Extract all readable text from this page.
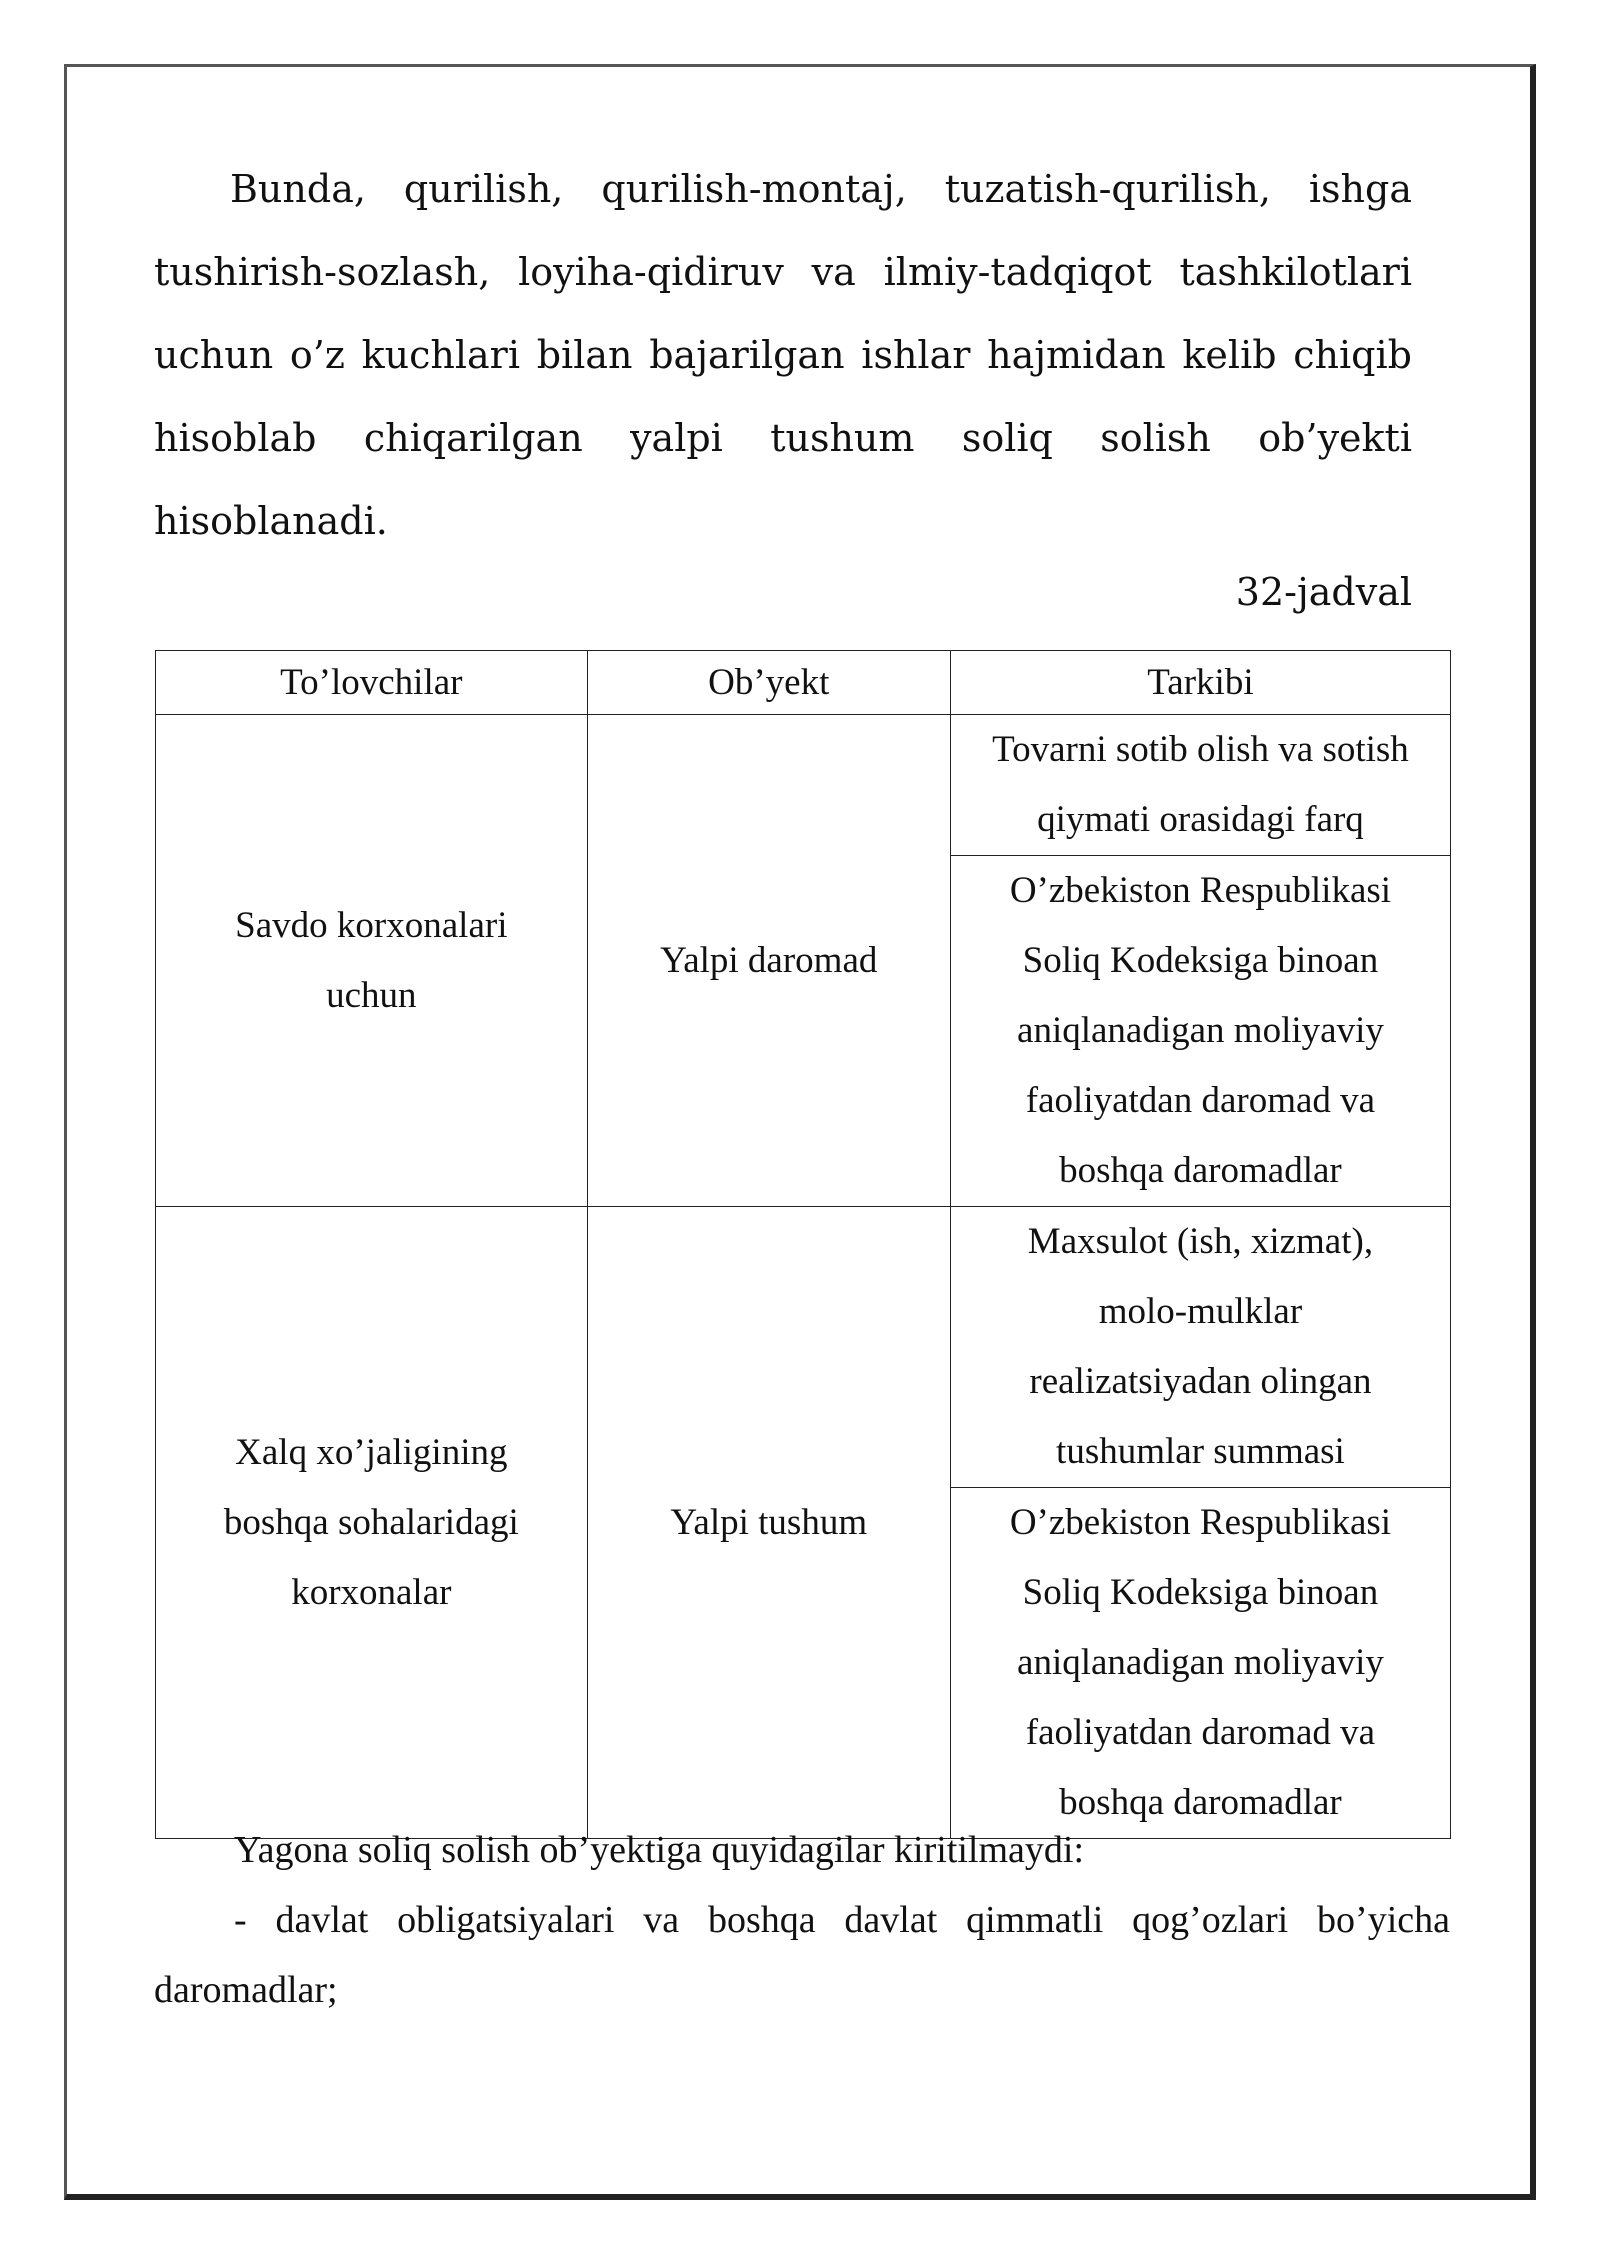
Bunda, qurilish, qurilish-montaj, tuzatish-qurilish, ishga tushirish-sozlash, loyiha-qidiruv va ilmiy-tadqiqot tashkilotlari uchun o’z kuchlari bilan bajarilgan ishlar hajmidan kelib chiqib hisoblab chiqarilgan yalpi tushum soliq solish ob’yekti hisoblanadi.

32-jadval

To’lovchilar	Ob’yekt	Tarkibi
Savdo korxonalari uchun	Yalpi daromad	Tovarni sotib olish va sotish qiymati orasidagi farq
		O’zbekiston Respublikasi Soliq Kodeksiga binoan aniqlanadigan moliyaviy faoliyatdan daromad va boshqa daromadlar
Xalq xo’jaligining boshqa sohalaridagi korxonalar	Yalpi tushum	Maxsulot (ish, xizmat), molo-mulklar realizatsiyadan olingan tushumlar summasi
		O’zbekiston Respublikasi Soliq Kodeksiga binoan aniqlanadigan moliyaviy faoliyatdan daromad va boshqa daromadlar

Yagona soliq solish ob’yektiga quyidagilar kiritilmaydi:

- davlat obligatsiyalari va boshqa davlat qimmatli qog’ozlari bo’yicha daromadlar;
